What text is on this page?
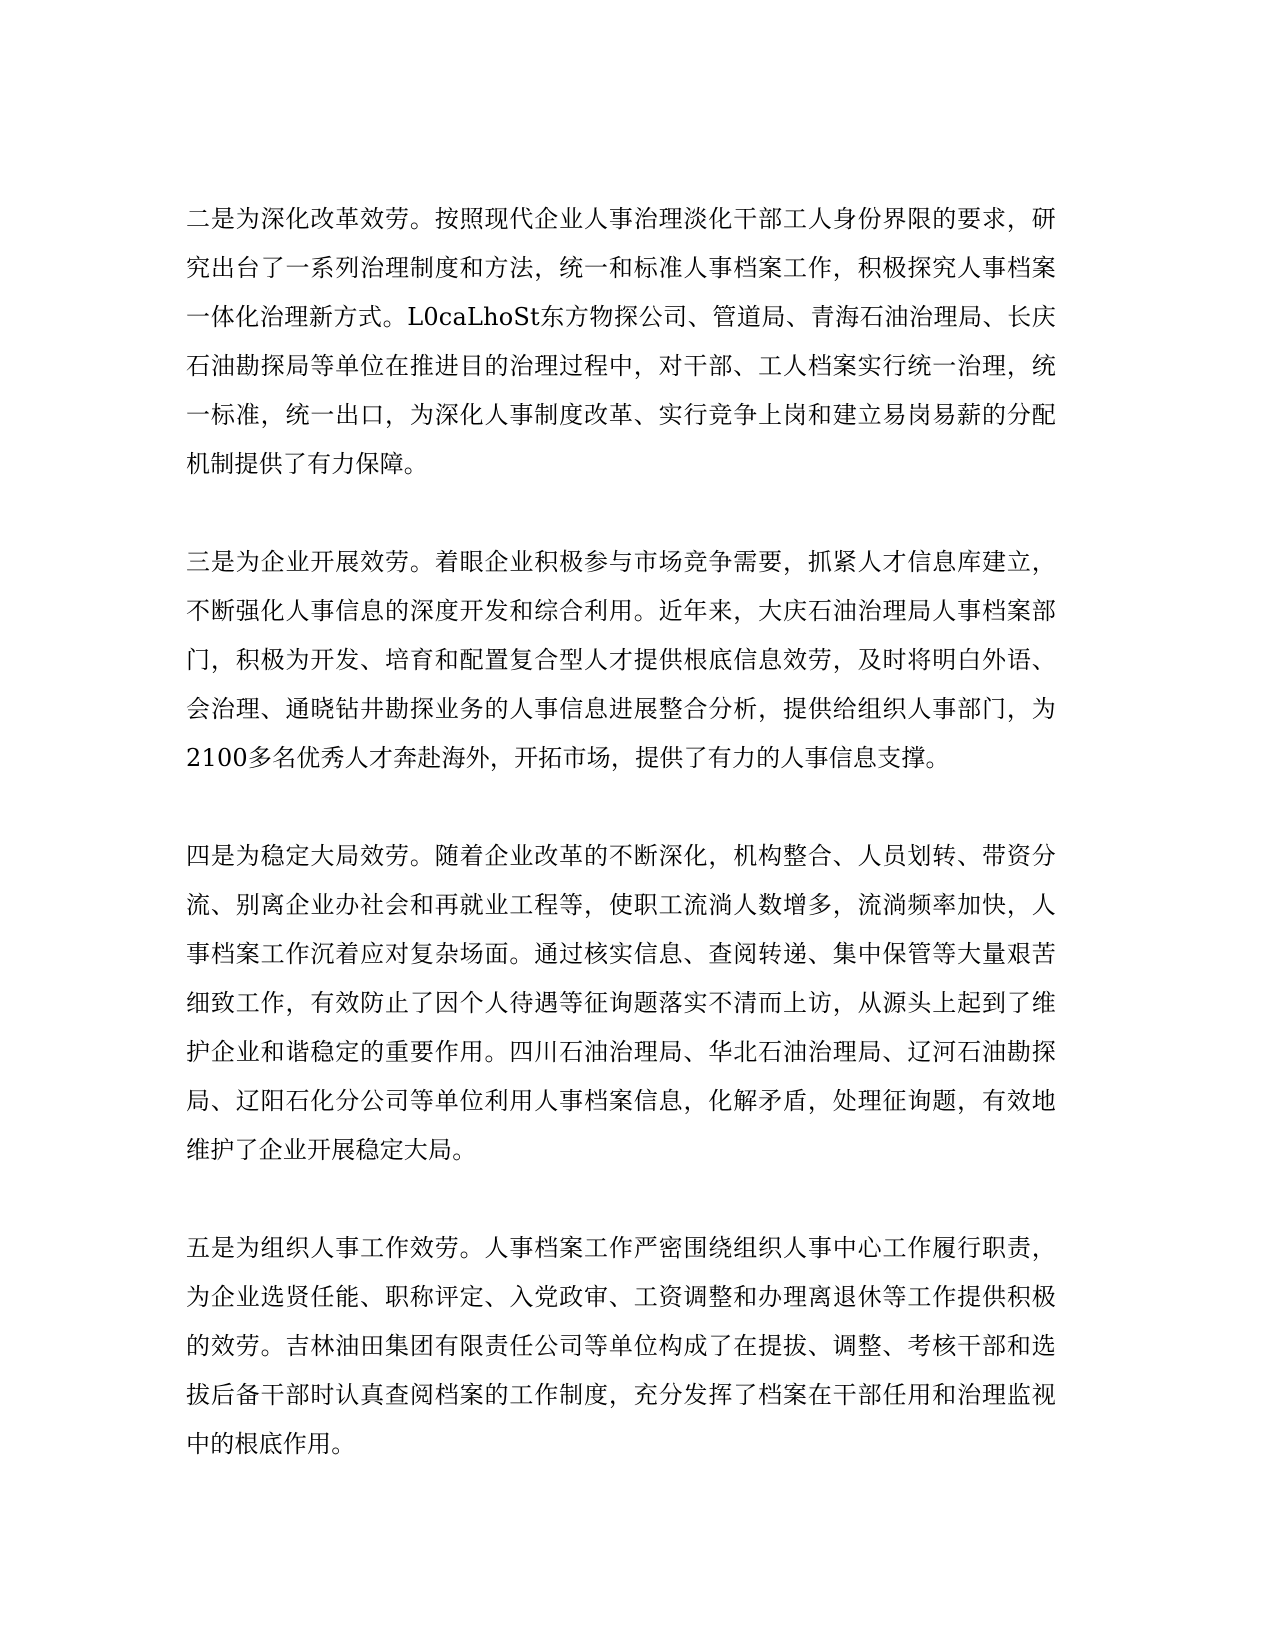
二是为深化改革效劳。按照现代企业人事治理淡化干部工人身份界限的要求，研究出台了一系列治理制度和方法，统一和标准人事档案工作，积极探究人事档案一体化治理新方式。L0caLhoSt东方物探公司、管道局、青海石油治理局、长庆石油勘探局等单位在推进目的治理过程中，对干部、工人档案实行统一治理，统一标准，统一出口，为深化人事制度改革、实行竞争上岗和建立易岗易薪的分配机制提供了有力保障。

三是为企业开展效劳。着眼企业积极参与市场竞争需要，抓紧人才信息库建立，不断强化人事信息的深度开发和综合利用。近年来，大庆石油治理局人事档案部门，积极为开发、培育和配置复合型人才提供根底信息效劳，及时将明白外语、会治理、通晓钻井勘探业务的人事信息进展整合分析，提供给组织人事部门，为2100多名优秀人才奔赴海外，开拓市场，提供了有力的人事信息支撑。

四是为稳定大局效劳。随着企业改革的不断深化，机构整合、人员划转、带资分流、别离企业办社会和再就业工程等，使职工流淌人数增多，流淌频率加快，人事档案工作沉着应对复杂场面。通过核实信息、查阅转递、集中保管等大量艰苦细致工作，有效防止了因个人待遇等征询题落实不清而上访，从源头上起到了维护企业和谐稳定的重要作用。四川石油治理局、华北石油治理局、辽河石油勘探局、辽阳石化分公司等单位利用人事档案信息，化解矛盾，处理征询题，有效地维护了企业开展稳定大局。

五是为组织人事工作效劳。人事档案工作严密围绕组织人事中心工作履行职责，为企业选贤任能、职称评定、入党政审、工资调整和办理离退休等工作提供积极的效劳。吉林油田集团有限责任公司等单位构成了在提拔、调整、考核干部和选拔后备干部时认真查阅档案的工作制度，充分发挥了档案在干部任用和治理监视中的根底作用。
